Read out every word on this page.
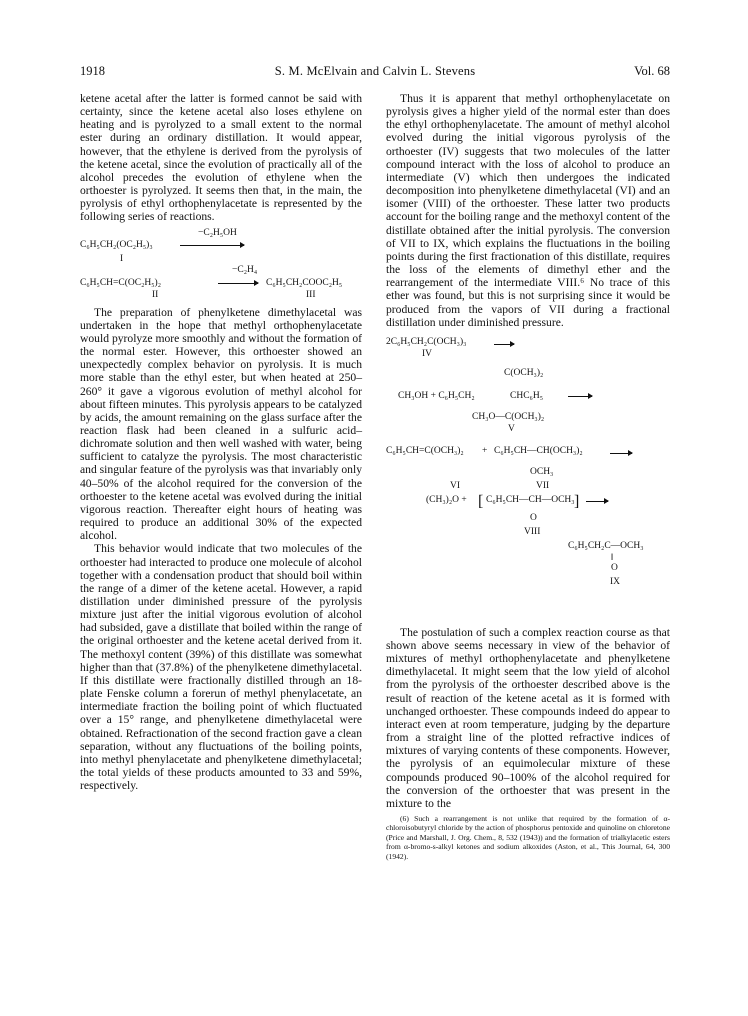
1918	S. M. McElvain and Calvin L. Stevens	Vol. 68

ketene acetal after the latter is formed cannot be said with certainty, since the ketene acetal also loses ethylene on heating and is pyrolyzed to a small extent to the normal ester during an ordinary distillation. It would appear, however, that the ethylene is derived from the pyrolysis of the ketene acetal, since the evolution of practically all of the alcohol precedes the evolution of ethylene when the orthoester is pyrolyzed. It seems then that, in the main, the pyrolysis of ethyl orthophenylacetate is represented by the following series of reactions.

C₆H₅CH₂(OC₂H₅)₃
−C₂H₅OH
I
C₆H₅CH=C(OC₂H₅)₂
−C₂H₄
C₆H₅CH₂COOC₂H₅
II	III

The preparation of phenylketene dimethylacetal was undertaken in the hope that methyl orthophenylacetate would pyrolyze more smoothly and without the formation of the normal ester. However, this orthoester showed an unexpectedly complex behavior on pyrolysis. It is much more stable than the ethyl ester, but when heated at 250–260° it gave a vigorous evolution of methyl alcohol for about fifteen minutes. This pyrolysis appears to be catalyzed by acids, the amount remaining on the glass surface after the reaction flask had been cleaned in a sulfuric acid–dichromate solution and then well washed with water, being sufficient to catalyze the pyrolysis. The most characteristic and singular feature of the pyrolysis was that invariably only 40–50% of the alcohol required for the conversion of the orthoester to the ketene acetal was evolved during the initial vigorous reaction. Thereafter eight hours of heating was required to produce an additional 30% of the expected alcohol.

This behavior would indicate that two molecules of the orthoester had interacted to produce one molecule of alcohol together with a condensation product that should boil within the range of a dimer of the ketene acetal. However, a rapid distillation under diminished pressure of the pyrolysis mixture just after the initial vigorous evolution of alcohol had subsided, gave a distillate that boiled within the range of the original orthoester and the ketene acetal derived from it. The methoxyl content (39%) of this distillate was somewhat higher than that (37.8%) of the phenylketene dimethylacetal. If this distillate were fractionally distilled through an 18-plate Fenske column a forerun of methyl phenylacetate, an intermediate fraction the boiling point of which fluctuated over a 15° range, and phenylketene dimethylacetal were obtained. Refractionation of the second fraction gave a clean separation, without any fluctuations of the boiling points, into methyl phenylacetate and phenylketene dimethylacetal; the total yields of these products amounted to 33 and 59%, respectively.

Thus it is apparent that methyl orthophenylacetate on pyrolysis gives a higher yield of the normal ester than does the ethyl orthophenylacetate. The amount of methyl alcohol evolved during the initial vigorous pyrolysis of the orthoester (IV) suggests that two molecules of the latter compound interact with the loss of alcohol to produce an intermediate (V) which then undergoes the indicated decomposition into phenylketene dimethylacetal (VI) and an isomer (VIII) of the orthoester. These latter two products account for the boiling range and the methoxyl content of the distillate obtained after the initial pyrolysis. The conversion of VII to IX, which explains the fluctuations in the boiling points during the first fractionation of this distillate, requires the loss of the elements of dimethyl ether and the rearrangement of the intermediate VIII.⁶ No trace of this ether was found, but this is not surprising since it would be produced from the vapors of VII during a fractional distillation under diminished pressure.

2C₆H₅CH₂C(OCH₃)₃
IV
C(OCH₃)₂
CH₃OH + C₆H₅CH₂	CHC₆H₅
CH₃O—C(OCH₃)₂
V
C₆H₅CH=C(OCH₃)₂ + C₆H₅CH—CH(OCH₃)₂
OCH₃
VI	VII
(CH₃)₂O + [ C₆H₅CH—CH—OCH₃ ]
O
VIII
C₆H₅CH₂C—OCH₃
‖
O
IX

The postulation of such a complex reaction course as that shown above seems necessary in view of the behavior of mixtures of methyl orthophenylacetate and phenylketene dimethylacetal. It might seem that the low yield of alcohol from the pyrolysis of the orthoester described above is the result of reaction of the ketene acetal as it is formed with unchanged orthoester. These compounds indeed do appear to interact even at room temperature, judging by the departure from a straight line of the plotted refractive indices of mixtures of varying contents of these components. However, the pyrolysis of an equimolecular mixture of these compounds produced 90–100% of the alcohol required for the conversion of the orthoester that was present in the mixture to the

(6) Such a rearrangement is not unlike that required by the formation of α-chloroisobutyryl chloride by the action of phosphorus pentoxide and quinoline on chloretone (Price and Marshall, J. Org. Chem., 8, 532 (1943)) and the formation of trialkylacetic esters from α-bromo-s-alkyl ketones and sodium alkoxides (Aston, et al., This Journal, 64, 300 (1942).
